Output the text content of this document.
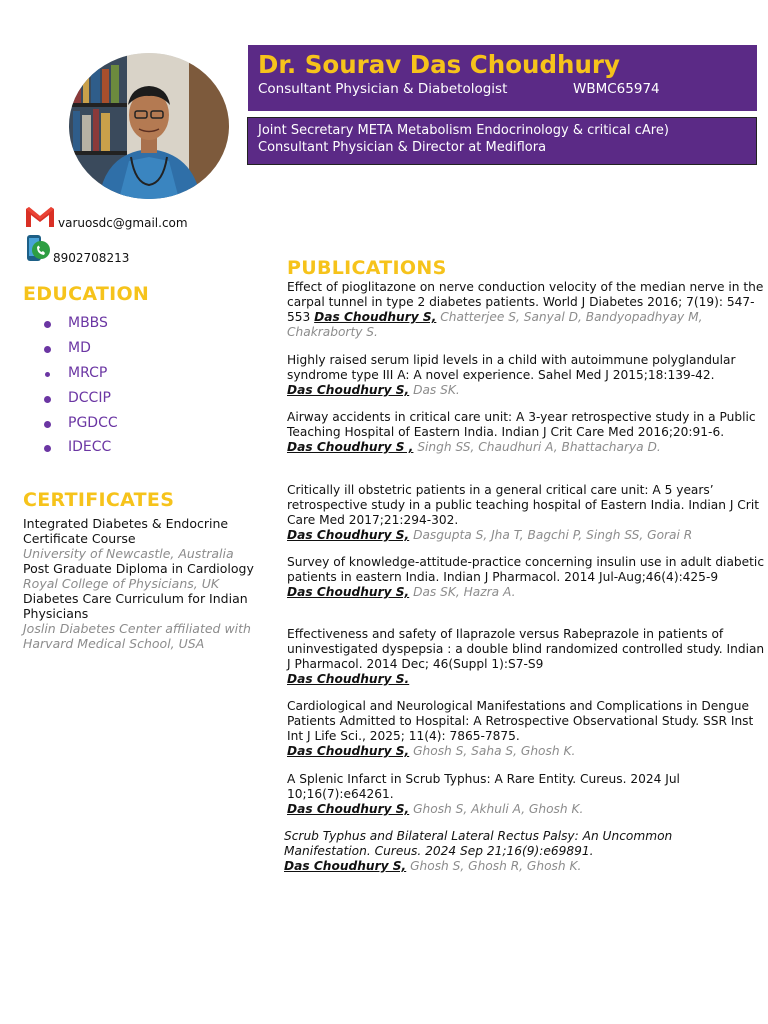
Dr. Sourav Das Choudhury
Consultant Physician & Diabetologist	WBMC65974
Joint Secretary META Metabolism Endocrinology & critical cAre)
Consultant Physician & Director at Mediflora
varuosdc@gmail.com
8902708213
EDUCATION
MBBS
MD
MRCP
DCCIP
PGDCC
IDECC
CERTIFICATES
Integrated Diabetes & Endocrine Certificate Course
University of Newcastle, Australia Post Graduate Diploma in Cardiology Royal College of Physicians, UK
Diabetes Care Curriculum for Indian Physicians
Joslin Diabetes Center affiliated with Harvard Medical School, USA
PUBLICATIONS
Effect of pioglitazone on nerve conduction velocity of the median nerve in the carpal tunnel in type 2 diabetes patients. World J Diabetes 2016; 7(19): 547-553 Das Choudhury S, Chatterjee S, Sanyal D, Bandyopadhyay M, Chakraborty S.
Highly raised serum lipid levels in a child with autoimmune polyglandular syndrome type III A: A novel experience. Sahel Med J 2015;18:139-42.
Das Choudhury S, Das SK.
Airway accidents in critical care unit: A 3-year retrospective study in a Public Teaching Hospital of Eastern India. Indian J Crit Care Med 2016;20:91-6.
Das Choudhury S , Singh SS, Chaudhuri A, Bhattacharya D.
Critically ill obstetric patients in a general critical care unit: A 5 years’ retrospective study in a public teaching hospital of Eastern India. Indian J Crit Care Med 2017;21:294-302.
Das Choudhury S, Dasgupta S, Jha T, Bagchi P, Singh SS, Gorai R
Survey of knowledge-attitude-practice concerning insulin use in adult diabetic patients in eastern India. Indian J Pharmacol. 2014 Jul-Aug;46(4):425-9
Das Choudhury S, Das SK, Hazra A.
Effectiveness and safety of Ilaprazole versus Rabeprazole in patients of uninvestigated dyspepsia : a double blind randomized controlled study. Indian J Pharmacol. 2014 Dec; 46(Suppl 1):S7-S9
Das Choudhury S.
Cardiological and Neurological Manifestations and Complications in Dengue Patients Admitted to Hospital: A Retrospective Observational Study. SSR Inst Int J Life Sci., 2025; 11(4): 7865-7875.
Das Choudhury S, Ghosh S, Saha S, Ghosh K.
A Splenic Infarct in Scrub Typhus: A Rare Entity. Cureus. 2024 Jul 10;16(7):e64261.
Das Choudhury S, Ghosh S, Akhuli A, Ghosh K.
Scrub Typhus and Bilateral Lateral Rectus Palsy: An Uncommon Manifestation. Cureus. 2024 Sep 21;16(9):e69891.
Das Choudhury S, Ghosh S, Ghosh R, Ghosh K.
